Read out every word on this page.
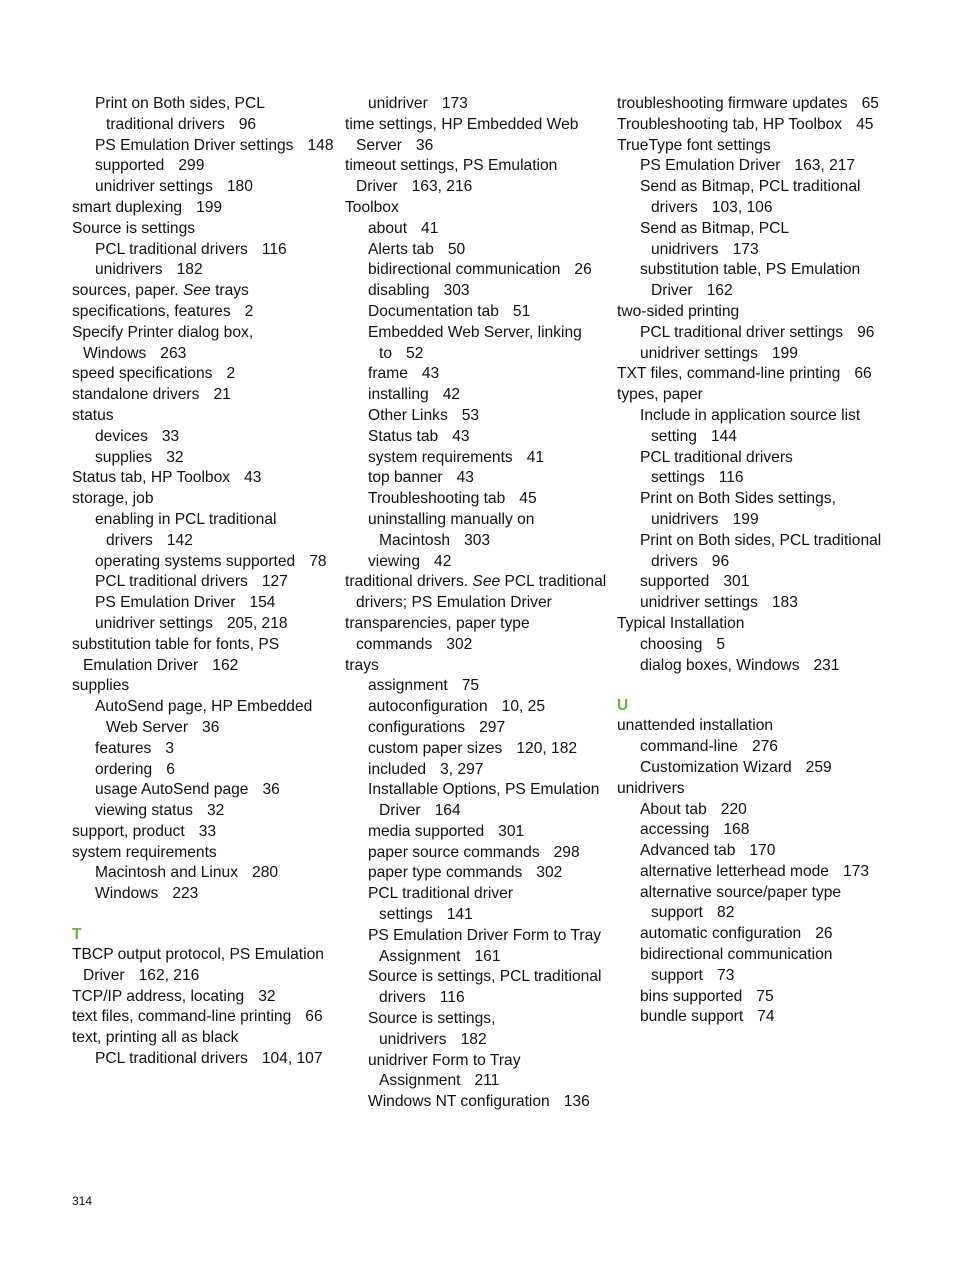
Print on Both sides, PCL traditional drivers 96
PS Emulation Driver settings 148
supported 299
unidriver settings 180
smart duplexing 199
Source is settings
PCL traditional drivers 116
unidrivers 182
sources, paper. See trays
specifications, features 2
Specify Printer dialog box, Windows 263
speed specifications 2
standalone drivers 21
status
devices 33
supplies 32
Status tab, HP Toolbox 43
storage, job
enabling in PCL traditional drivers 142
operating systems supported 78
PCL traditional drivers 127
PS Emulation Driver 154
unidriver settings 205, 218
substitution table for fonts, PS Emulation Driver 162
supplies
AutoSend page, HP Embedded Web Server 36
features 3
ordering 6
usage AutoSend page 36
viewing status 32
support, product 33
system requirements
Macintosh and Linux 280
Windows 223
T
TBCP output protocol, PS Emulation Driver 162, 216
TCP/IP address, locating 32
text files, command-line printing 66
text, printing all as black
PCL traditional drivers 104, 107
unidriver 173
time settings, HP Embedded Web Server 36
timeout settings, PS Emulation Driver 163, 216
Toolbox
about 41
Alerts tab 50
bidirectional communication 26
disabling 303
Documentation tab 51
Embedded Web Server, linking to 52
frame 43
installing 42
Other Links 53
Status tab 43
system requirements 41
top banner 43
Troubleshooting tab 45
uninstalling manually on Macintosh 303
viewing 42
traditional drivers. See PCL traditional drivers; PS Emulation Driver
transparencies, paper type commands 302
trays
assignment 75
autoconfiguration 10, 25
configurations 297
custom paper sizes 120, 182
included 3, 297
Installable Options, PS Emulation Driver 164
media supported 301
paper source commands 298
paper type commands 302
PCL traditional driver settings 141
PS Emulation Driver Form to Tray Assignment 161
Source is settings, PCL traditional drivers 116
Source is settings, unidrivers 182
unidriver Form to Tray Assignment 211
Windows NT configuration 136
troubleshooting firmware updates 65
Troubleshooting tab, HP Toolbox 45
TrueType font settings
PS Emulation Driver 163, 217
Send as Bitmap, PCL traditional drivers 103, 106
Send as Bitmap, PCL unidrivers 173
substitution table, PS Emulation Driver 162
two-sided printing
PCL traditional driver settings 96
unidriver settings 199
TXT files, command-line printing 66
types, paper
Include in application source list setting 144
PCL traditional drivers settings 116
Print on Both Sides settings, unidrivers 199
Print on Both sides, PCL traditional drivers 96
supported 301
unidriver settings 183
Typical Installation
choosing 5
dialog boxes, Windows 231
U
unattended installation
command-line 276
Customization Wizard 259
unidrivers
About tab 220
accessing 168
Advanced tab 170
alternative letterhead mode 173
alternative source/paper type support 82
automatic configuration 26
bidirectional communication support 73
bins supported 75
bundle support 74
314
